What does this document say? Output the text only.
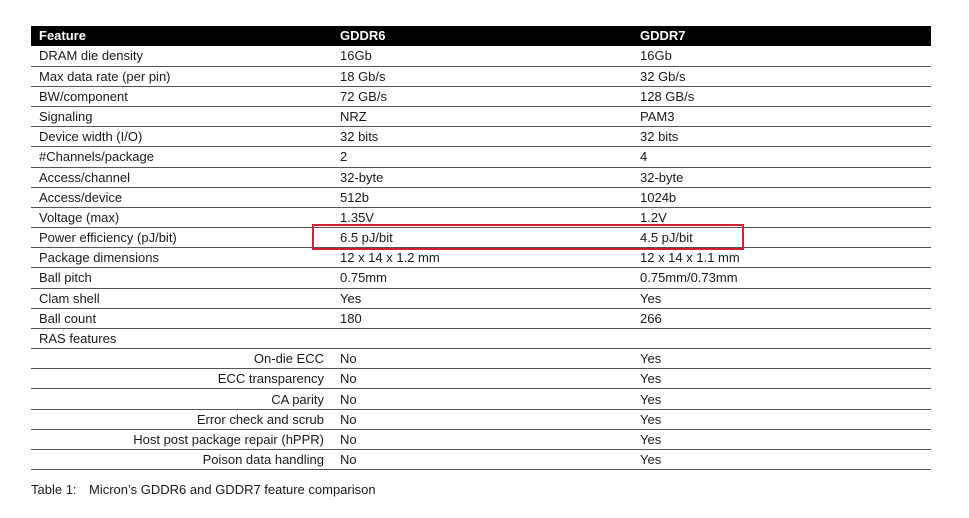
Feature	GDDR6	GDDR7
DRAM die density	16Gb	16Gb
Max data rate (per pin)	18 Gb/s	32 Gb/s
BW/component	72 GB/s	128 GB/s
Signaling	NRZ	PAM3
Device width (I/O)	32 bits	32 bits
#Channels/package	2	4
Access/channel	32-byte	32-byte
Access/device	512b	1024b
Voltage (max)	1.35V	1.2V
Power efficiency (pJ/bit)	6.5 pJ/bit	4.5 pJ/bit
Package dimensions	12 x 14 x 1.2 mm	12 x 14 x 1.1 mm
Ball pitch	0.75mm	0.75mm/0.73mm
Clam shell	Yes	Yes
Ball count	180	266
RAS features		
On-die ECC	No	Yes
ECC transparency	No	Yes
CA parity	No	Yes
Error check and scrub	No	Yes
Host post package repair (hPPR)	No	Yes
Poison data handling	No	Yes
Table 1: Micron’s GDDR6 and GDDR7 feature comparison
